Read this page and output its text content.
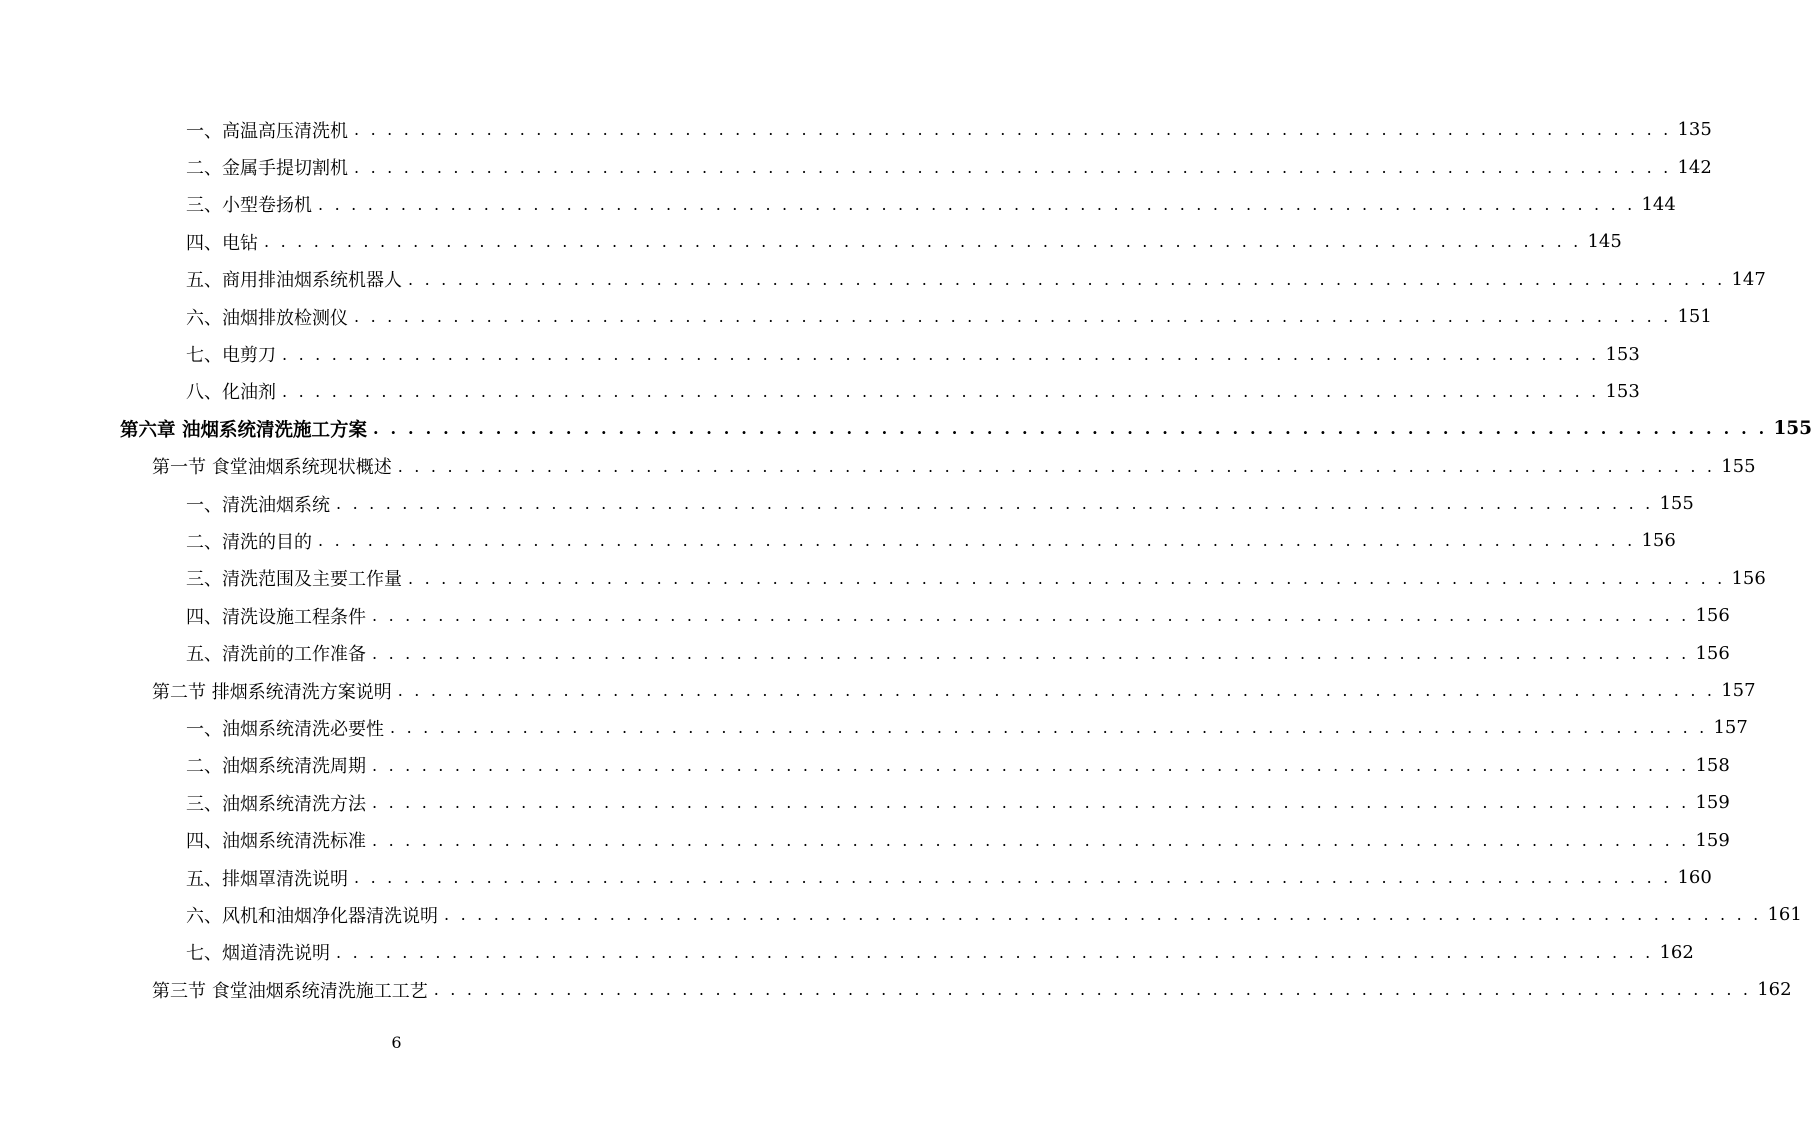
一、高温高压清洗机 . . . . . . . . . . . . . . . . . . . . . . . . . . . . . . . . . . . . . . . . . . . . . . . . . . . . . . . . . . . . . . . . . . . . . . . . . . . . . . . . 135
二、金属手提切割机 . . . . . . . . . . . . . . . . . . . . . . . . . . . . . . . . . . . . . . . . . . . . . . . . . . . . . . . . . . . . . . . . . . . . . . . . . . . . . . . . 142
三、小型卷扬机 . . . . . . . . . . . . . . . . . . . . . . . . . . . . . . . . . . . . . . . . . . . . . . . . . . . . . . . . . . . . . . . . . . . . . . . . . . . . . . . . 144
四、电钻 . . . . . . . . . . . . . . . . . . . . . . . . . . . . . . . . . . . . . . . . . . . . . . . . . . . . . . . . . . . . . . . . . . . . . . . . . . . . . . . . 145
五、商用排油烟系统机器人 . . . . . . . . . . . . . . . . . . . . . . . . . . . . . . . . . . . . . . . . . . . . . . . . . . . . . . . . . . . . . . . . . . . . . . . . . . . . . . . . 147
六、油烟排放检测仪 . . . . . . . . . . . . . . . . . . . . . . . . . . . . . . . . . . . . . . . . . . . . . . . . . . . . . . . . . . . . . . . . . . . . . . . . . . . . . . . . 151
七、电剪刀 . . . . . . . . . . . . . . . . . . . . . . . . . . . . . . . . . . . . . . . . . . . . . . . . . . . . . . . . . . . . . . . . . . . . . . . . . . . . . . . . 153
八、化油剂 . . . . . . . . . . . . . . . . . . . . . . . . . . . . . . . . . . . . . . . . . . . . . . . . . . . . . . . . . . . . . . . . . . . . . . . . . . . . . . . . 153
第六章 油烟系统清洗施工方案 . . . . . . . . . . . . . . . . . . . . . . . . . . . . . . . . . . . . . . . . . . . . . . . . . . . . . . . . . . . . . . . . . . . . . . . . . . . . . . . . 155
第一节 食堂油烟系统现状概述 . . . . . . . . . . . . . . . . . . . . . . . . . . . . . . . . . . . . . . . . . . . . . . . . . . . . . . . . . . . . . . . . . . . . . . . . . . . . . . . . 155
一、清洗油烟系统 . . . . . . . . . . . . . . . . . . . . . . . . . . . . . . . . . . . . . . . . . . . . . . . . . . . . . . . . . . . . . . . . . . . . . . . . . . . . . . . . 155
二、清洗的目的 . . . . . . . . . . . . . . . . . . . . . . . . . . . . . . . . . . . . . . . . . . . . . . . . . . . . . . . . . . . . . . . . . . . . . . . . . . . . . . . . 156
三、清洗范围及主要工作量 . . . . . . . . . . . . . . . . . . . . . . . . . . . . . . . . . . . . . . . . . . . . . . . . . . . . . . . . . . . . . . . . . . . . . . . . . . . . . . . . 156
四、清洗设施工程条件 . . . . . . . . . . . . . . . . . . . . . . . . . . . . . . . . . . . . . . . . . . . . . . . . . . . . . . . . . . . . . . . . . . . . . . . . . . . . . . . . 156
五、清洗前的工作准备 . . . . . . . . . . . . . . . . . . . . . . . . . . . . . . . . . . . . . . . . . . . . . . . . . . . . . . . . . . . . . . . . . . . . . . . . . . . . . . . . 156
第二节 排烟系统清洗方案说明 . . . . . . . . . . . . . . . . . . . . . . . . . . . . . . . . . . . . . . . . . . . . . . . . . . . . . . . . . . . . . . . . . . . . . . . . . . . . . . . . 157
一、油烟系统清洗必要性 . . . . . . . . . . . . . . . . . . . . . . . . . . . . . . . . . . . . . . . . . . . . . . . . . . . . . . . . . . . . . . . . . . . . . . . . . . . . . . . . 157
二、油烟系统清洗周期 . . . . . . . . . . . . . . . . . . . . . . . . . . . . . . . . . . . . . . . . . . . . . . . . . . . . . . . . . . . . . . . . . . . . . . . . . . . . . . . . 158
三、油烟系统清洗方法 . . . . . . . . . . . . . . . . . . . . . . . . . . . . . . . . . . . . . . . . . . . . . . . . . . . . . . . . . . . . . . . . . . . . . . . . . . . . . . . . 159
四、油烟系统清洗标准 . . . . . . . . . . . . . . . . . . . . . . . . . . . . . . . . . . . . . . . . . . . . . . . . . . . . . . . . . . . . . . . . . . . . . . . . . . . . . . . . 159
五、排烟罩清洗说明 . . . . . . . . . . . . . . . . . . . . . . . . . . . . . . . . . . . . . . . . . . . . . . . . . . . . . . . . . . . . . . . . . . . . . . . . . . . . . . . . 160
六、风机和油烟净化器清洗说明 . . . . . . . . . . . . . . . . . . . . . . . . . . . . . . . . . . . . . . . . . . . . . . . . . . . . . . . . . . . . . . . . . . . . . . . . . . . . . . . . 161
七、烟道清洗说明 . . . . . . . . . . . . . . . . . . . . . . . . . . . . . . . . . . . . . . . . . . . . . . . . . . . . . . . . . . . . . . . . . . . . . . . . . . . . . . . . 162
第三节 食堂油烟系统清洗施工工艺 . . . . . . . . . . . . . . . . . . . . . . . . . . . . . . . . . . . . . . . . . . . . . . . . . . . . . . . . . . . . . . . . . . . . . . . . . . . . . . . . 162
6
